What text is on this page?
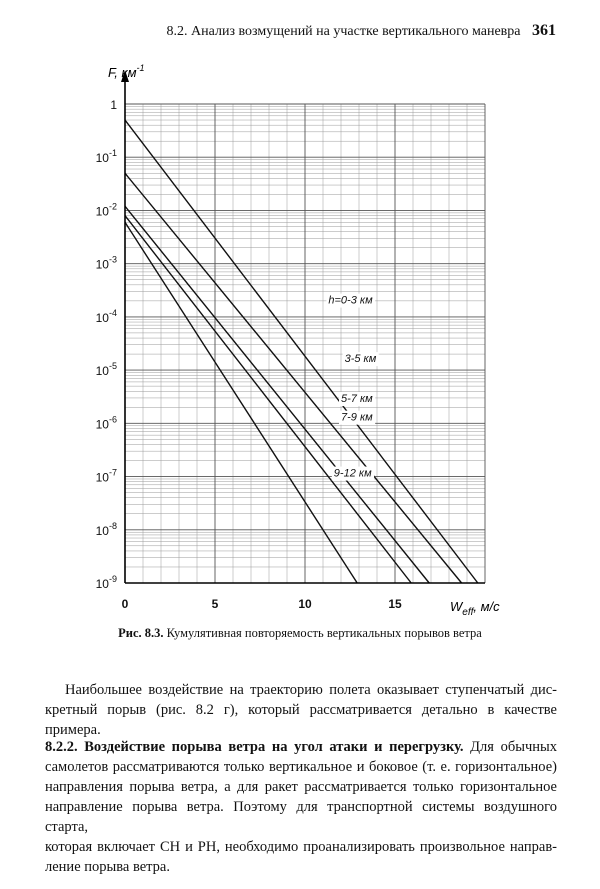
8.2. Анализ возмущений на участке вертикального маневра 361
h=0-3 км
3-5 км
5-7 км
7-9 км
9-12 км
1
$10^{-1}$
$10^{-2}$
$10^{-3}$
$10^{-4}$
$10^{-5}$
$10^{-6}$
$10^{-7}$
$10^{-8}$
$10^{-9}$
0	5	10	15
F, $км^{-1}$
$W_{eff}$, м/с
Рис. 8.3. Кумулятивная повторяемость вертикальных порывов ветра

Наибольшее воздействие на траекторию полета оказывает ступенчатый дис-
кретный порыв (рис. 8.2 г), который рассматривается детально в качестве примера.

8.2.2. Воздействие порыва ветра на угол атаки и перегрузку. Для обычных
самолетов рассматриваются только вертикальное и боковое (т. е. горизонтальное)
направления порыва ветра, а для ракет рассматривается только горизонтальное
направление порыва ветра. Поэтому для транспортной системы воздушного старта,
которая включает СН и РН, необходимо проанализировать произвольное направ-
ление порыва ветра.
